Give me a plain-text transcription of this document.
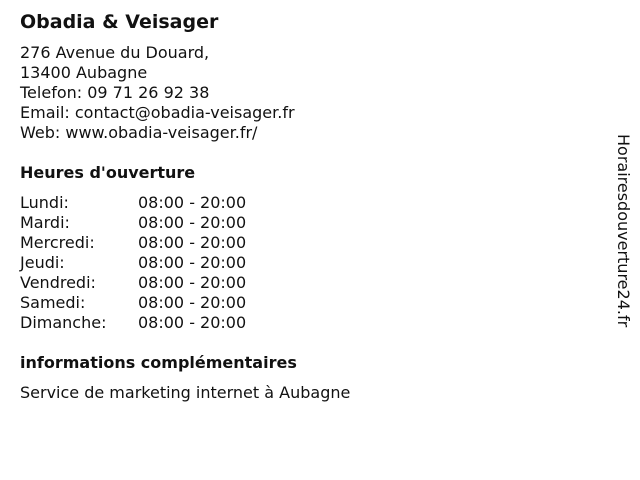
Obadia & Veisager
276 Avenue du Douard,
13400 Aubagne
Telefon: 09 71 26 92 38
Email: contact@obadia-veisager.fr
Web: www.obadia-veisager.fr/
Heures d'ouverture
Lundi:	08:00 - 20:00
Mardi:	08:00 - 20:00
Mercredi:	08:00 - 20:00
Jeudi:	08:00 - 20:00
Vendredi:	08:00 - 20:00
Samedi:	08:00 - 20:00
Dimanche:	08:00 - 20:00
informations complémentaires
Service de marketing internet à Aubagne
Horairesdouverture24.fr
